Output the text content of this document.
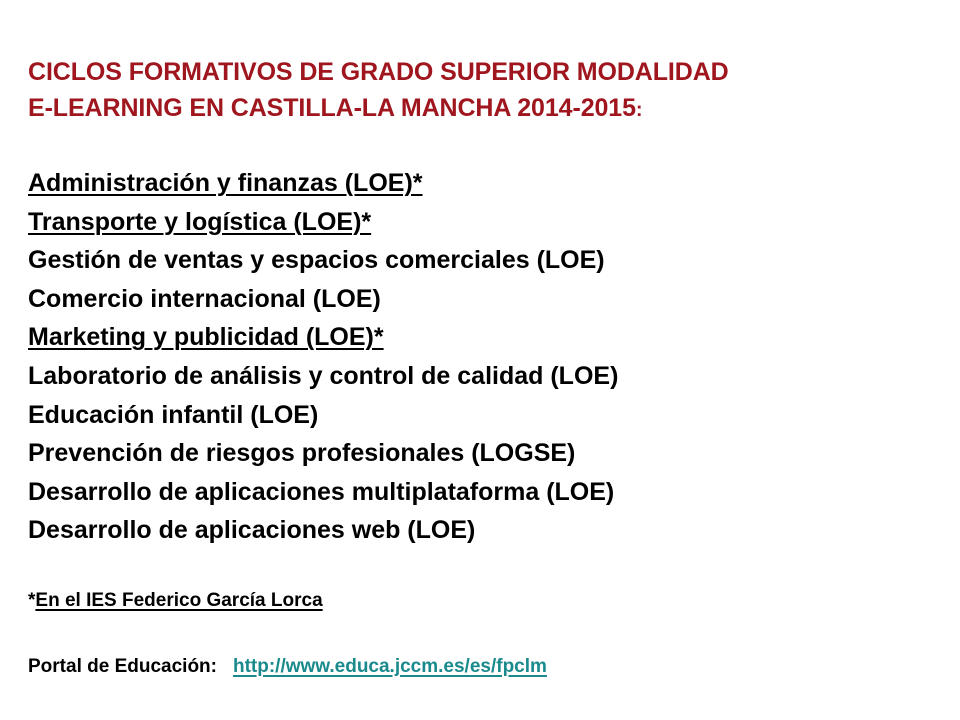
CICLOS FORMATIVOS DE GRADO SUPERIOR MODALIDAD
E-LEARNING EN CASTILLA-LA MANCHA 2014-2015:
Administración y finanzas (LOE)*
Transporte y logística (LOE)*
Gestión de ventas y espacios comerciales (LOE)
Comercio internacional (LOE)
Marketing y publicidad (LOE)*
Laboratorio de análisis y control de calidad (LOE)
Educación infantil (LOE)
Prevención de riesgos profesionales (LOGSE)
Desarrollo de aplicaciones multiplataforma (LOE)
Desarrollo de aplicaciones web (LOE)
*En el IES Federico García Lorca
Portal de Educación: http://www.educa.jccm.es/es/fpclm
